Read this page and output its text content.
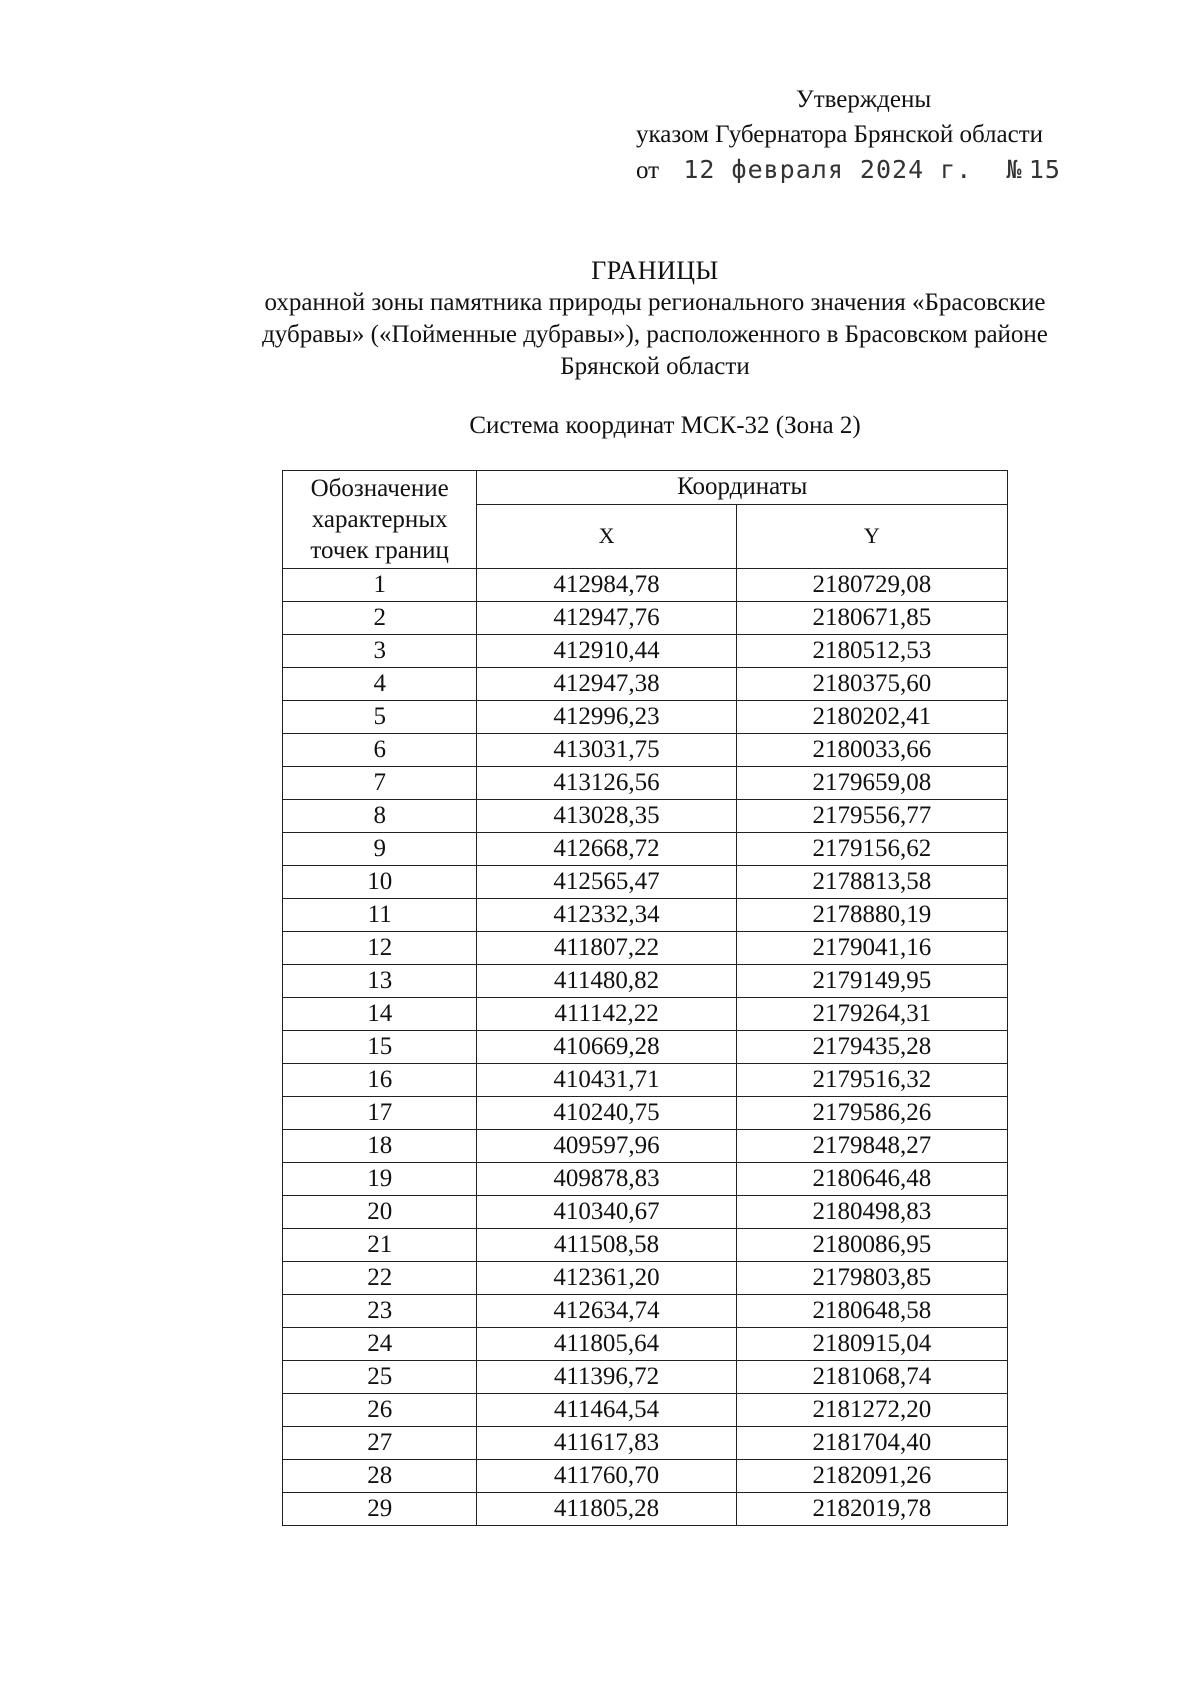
Утверждены
указом Губернатора Брянской области
от 12 февраля 2024 г. № 15
ГРАНИЦЫ
охранной зоны памятника природы регионального значения «Брасовские
дубравы» («Пойменные дубравы»), расположенного в Брасовском районе
Брянской области
Система координат МСК-32 (Зона 2)
Обозначение характерных точек границ	Координаты	
	X	Y
1	412984,78	2180729,08
2	412947,76	2180671,85
3	412910,44	2180512,53
4	412947,38	2180375,60
5	412996,23	2180202,41
6	413031,75	2180033,66
7	413126,56	2179659,08
8	413028,35	2179556,77
9	412668,72	2179156,62
10	412565,47	2178813,58
11	412332,34	2178880,19
12	411807,22	2179041,16
13	411480,82	2179149,95
14	411142,22	2179264,31
15	410669,28	2179435,28
16	410431,71	2179516,32
17	410240,75	2179586,26
18	409597,96	2179848,27
19	409878,83	2180646,48
20	410340,67	2180498,83
21	411508,58	2180086,95
22	412361,20	2179803,85
23	412634,74	2180648,58
24	411805,64	2180915,04
25	411396,72	2181068,74
26	411464,54	2181272,20
27	411617,83	2181704,40
28	411760,70	2182091,26
29	411805,28	2182019,78
